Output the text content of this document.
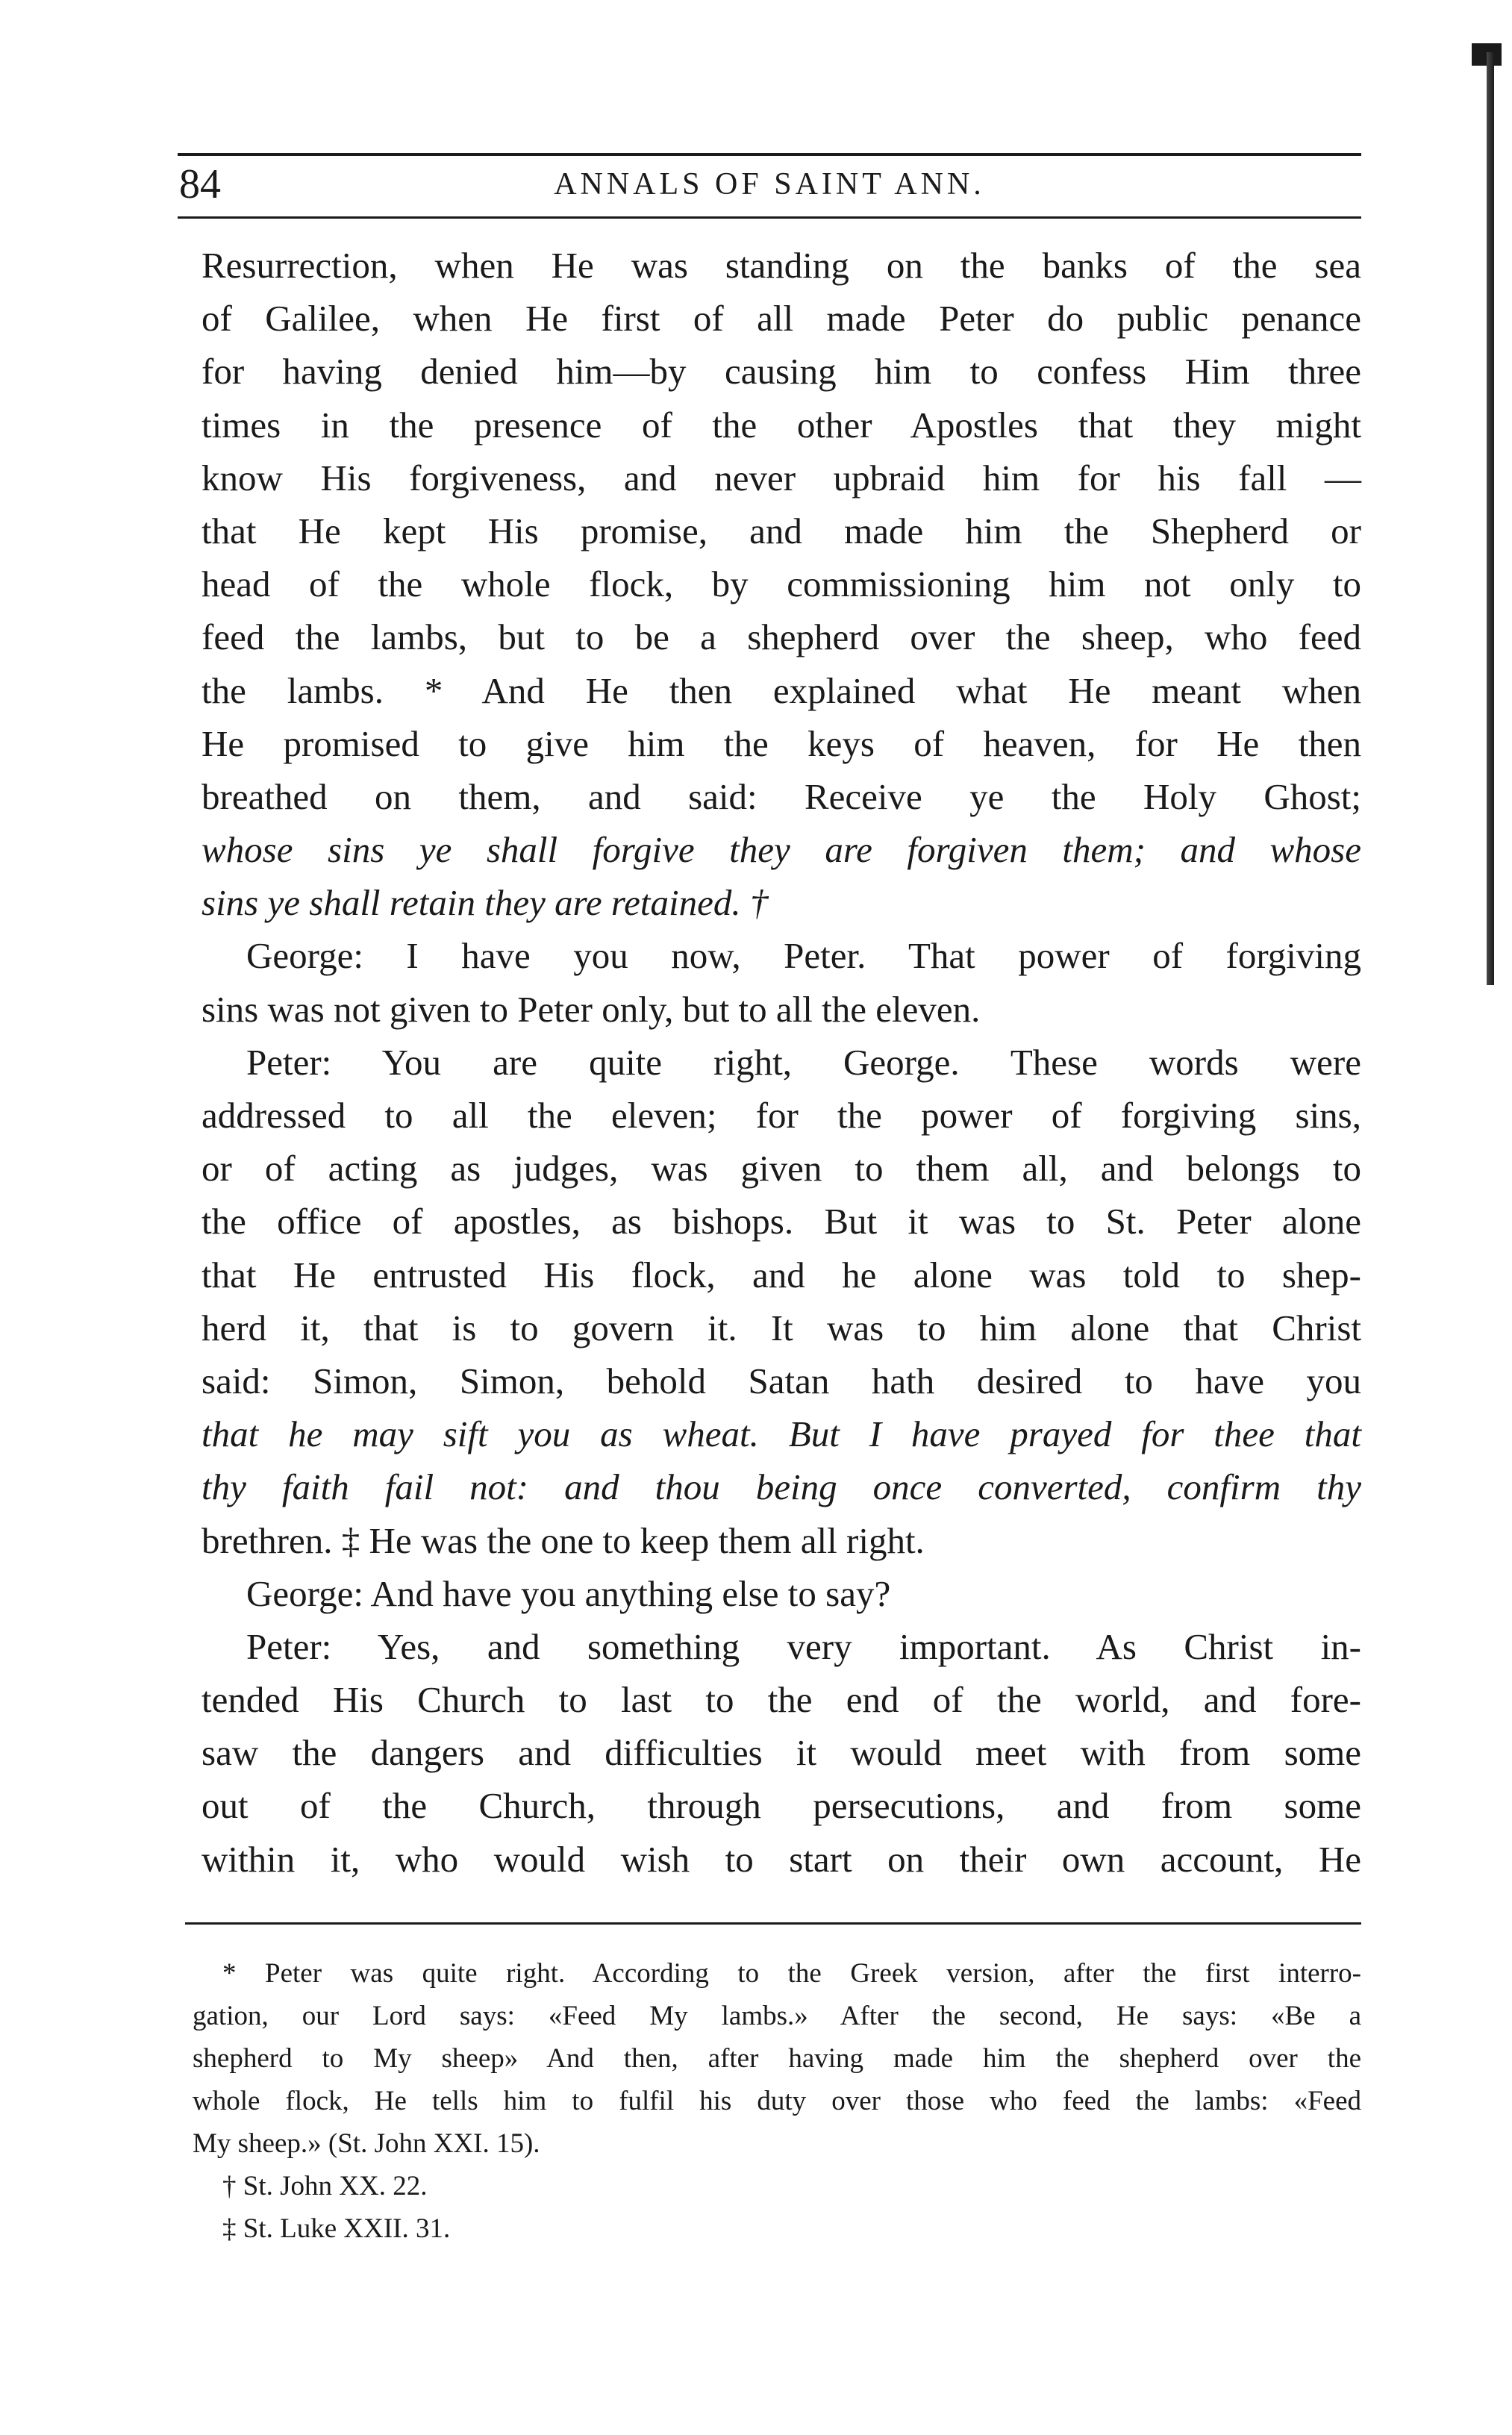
84	ANNALS OF SAINT ANN.
Resurrection, when He was standing on the banks of the sea
of Galilee, when He first of all made Peter do public penance
for having denied him—by causing him to confess Him three
times in the presence of the other Apostles that they might
know His forgiveness, and never upbraid him for his fall —
that He kept His promise, and made him the Shepherd or
head of the whole flock, by commissioning him not only to
feed the lambs, but to be a shepherd over the sheep, who feed
the lambs. * And He then explained what He meant when
He promised to give him the keys of heaven, for He then
breathed on them, and said: Receive ye the Holy Ghost;
whose sins ye shall forgive they are forgiven them; and whose
sins ye shall retain they are retained. †
George: I have you now, Peter. That power of forgiving
sins was not given to Peter only, but to all the eleven.
Peter: You are quite right, George. These words were
addressed to all the eleven; for the power of forgiving sins,
or of acting as judges, was given to them all, and belongs to
the office of apostles, as bishops. But it was to St. Peter alone
that He entrusted His flock, and he alone was told to shep-
herd it, that is to govern it. It was to him alone that Christ
said: Simon, Simon, behold Satan hath desired to have you
that he may sift you as wheat. But I have prayed for thee that
thy faith fail not: and thou being once converted, confirm thy
brethren. ‡ He was the one to keep them all right.
George: And have you anything else to say?
Peter: Yes, and something very important. As Christ in-
tended His Church to last to the end of the world, and fore-
saw the dangers and difficulties it would meet with from some
out of the Church, through persecutions, and from some
within it, who would wish to start on their own account, He
* Peter was quite right. According to the Greek version, after the first interro-
gation, our Lord says: «Feed My lambs.» After the second, He says: «Be a
shepherd to My sheep» And then, after having made him the shepherd over the
whole flock, He tells him to fulfil his duty over those who feed the lambs: «Feed
My sheep.» (St. John XXI. 15).
† St. John XX. 22.
‡ St. Luke XXII. 31.
